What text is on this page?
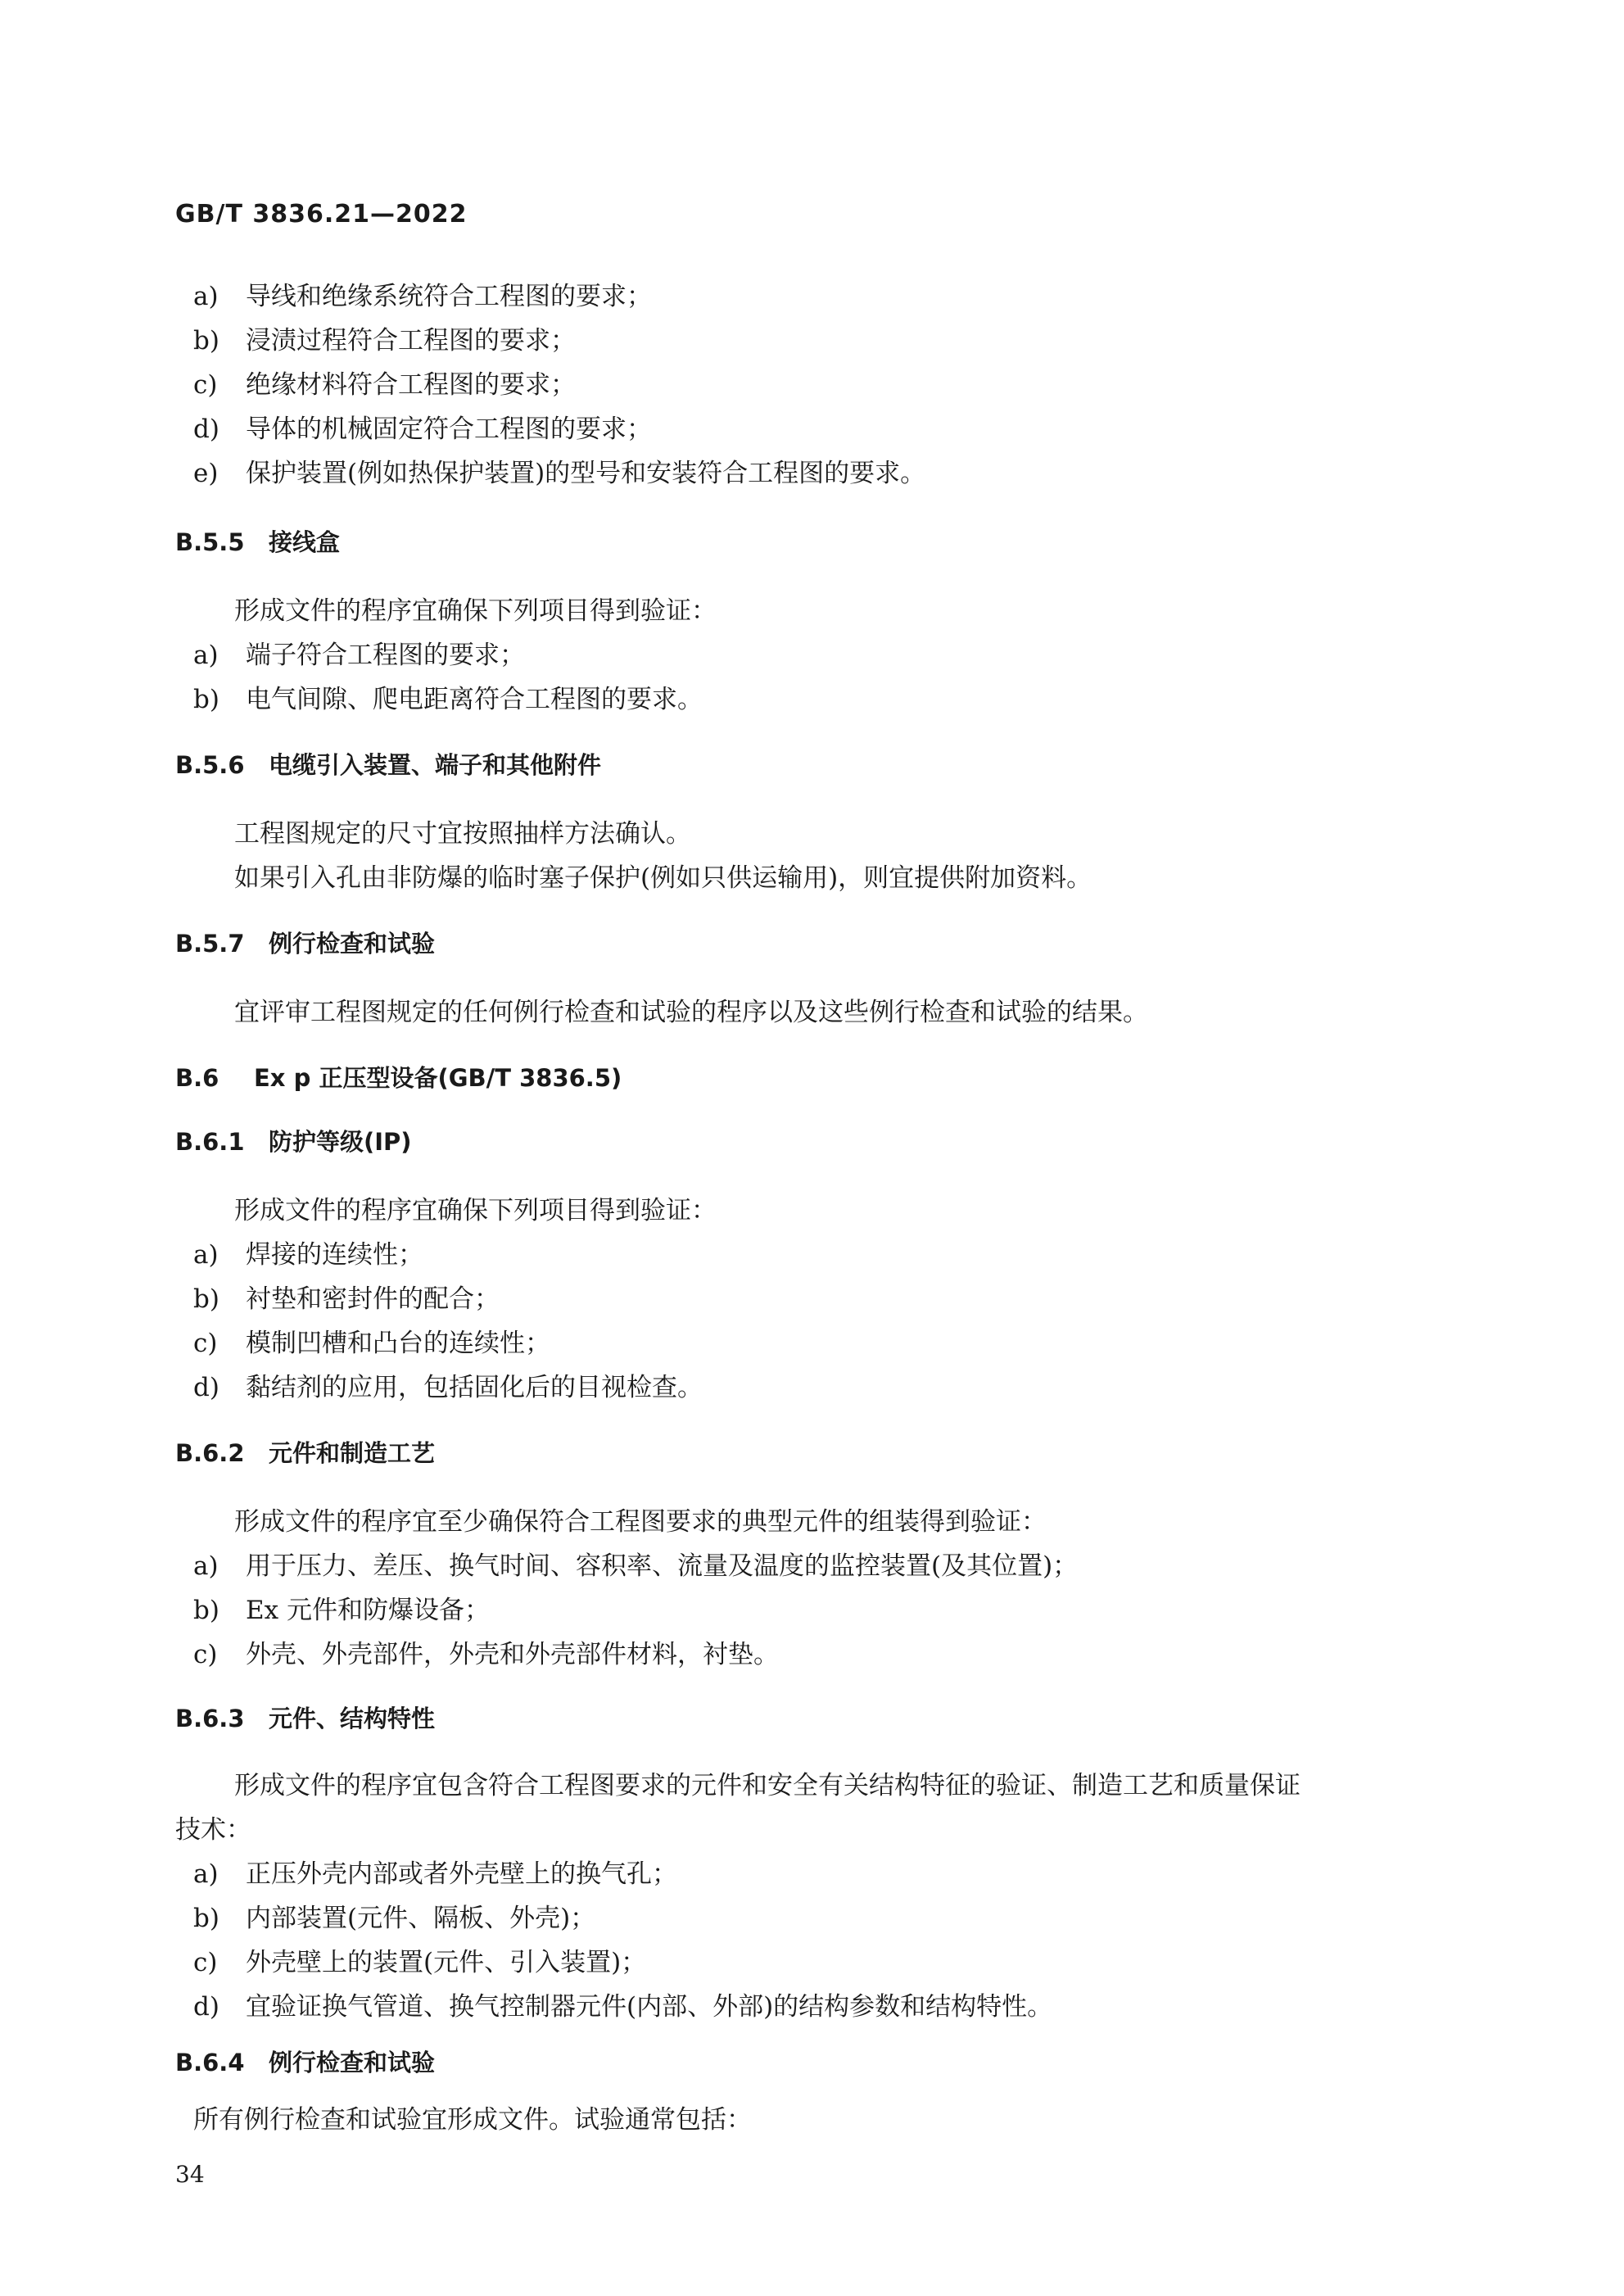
GB/T 3836.21—2022
a) 导线和绝缘系统符合工程图的要求；
b) 浸渍过程符合工程图的要求；
c) 绝缘材料符合工程图的要求；
d) 导体的机械固定符合工程图的要求；
e) 保护装置(例如热保护装置)的型号和安装符合工程图的要求。
B.5.5 接线盒
形成文件的程序宜确保下列项目得到验证：
a) 端子符合工程图的要求；
b) 电气间隙、爬电距离符合工程图的要求。
B.5.6 电缆引入装置、端子和其他附件
工程图规定的尺寸宜按照抽样方法确认。
如果引入孔由非防爆的临时塞子保护(例如只供运输用)，则宜提供附加资料。
B.5.7 例行检查和试验
宜评审工程图规定的任何例行检查和试验的程序以及这些例行检查和试验的结果。
B.6 Ex p 正压型设备(GB/T 3836.5)
B.6.1 防护等级(IP)
形成文件的程序宜确保下列项目得到验证：
a) 焊接的连续性；
b) 衬垫和密封件的配合；
c) 模制凹槽和凸台的连续性；
d) 黏结剂的应用，包括固化后的目视检查。
B.6.2 元件和制造工艺
形成文件的程序宜至少确保符合工程图要求的典型元件的组装得到验证：
a) 用于压力、差压、换气时间、容积率、流量及温度的监控装置(及其位置)；
b) Ex 元件和防爆设备；
c) 外壳、外壳部件，外壳和外壳部件材料，衬垫。
B.6.3 元件、结构特性
形成文件的程序宜包含符合工程图要求的元件和安全有关结构特征的验证、制造工艺和质量保证
技术：
a) 正压外壳内部或者外壳壁上的换气孔；
b) 内部装置(元件、隔板、外壳)；
c) 外壳壁上的装置(元件、引入装置)；
d) 宜验证换气管道、换气控制器元件(内部、外部)的结构参数和结构特性。
B.6.4 例行检查和试验
所有例行检查和试验宜形成文件。试验通常包括：
34
